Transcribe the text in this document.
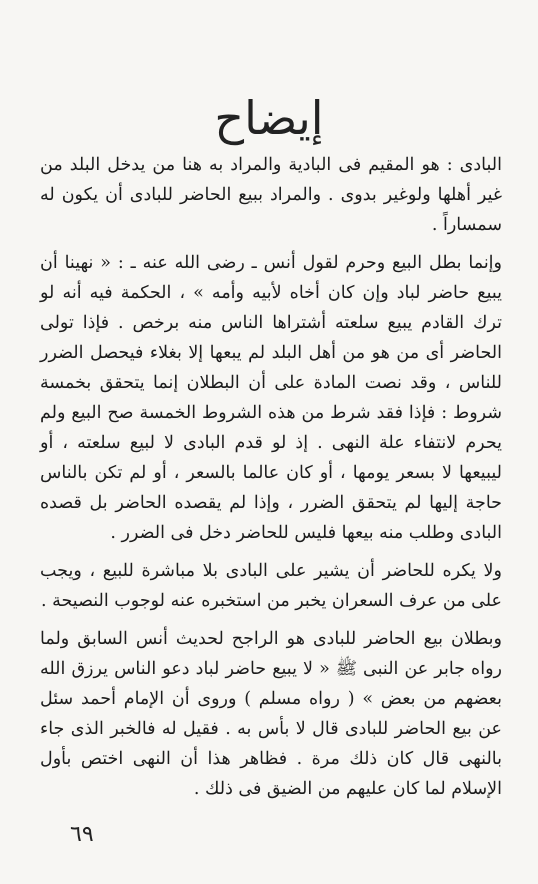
إيضاح

البادى : هو المقيم فى البادية والمراد به هنا من يدخل البلد من غير أهلها ولوغير بدوى . والمراد ببيع الحاضر للبادى أن يكون له سمساراً .

وإنما بطل البيع وحرم لقول أنس ـ رضى الله عنه ـ : « نهينا أن يبيع حاضر لباد وإن كان أخاه لأبيه وأمه » ، الحكمة فيه أنه لو ترك القادم يبيع سلعته أشتراها الناس منه برخص . فإذا تولى الحاضر أى من هو من أهل البلد لم يبعها إلا بغلاء فيحصل الضرر للناس ، وقد نصت المادة على أن البطلان إنما يتحقق بخمسة شروط : فإذا فقد شرط من هذه الشروط الخمسة صح البيع ولم يحرم لانتفاء علة النهى . إذ لو قدم البادى لا لبيع سلعته ، أو ليبيعها لا بسعر يومها ، أو كان عالما بالسعر ، أو لم تكن بالناس حاجة إليها لم يتحقق الضرر ، وإذا لم يقصده الحاضر بل قصده البادى وطلب منه بيعها فليس للحاضر دخل فى الضرر .

ولا يكره للحاضر أن يشير على البادى بلا مباشرة للبيع ، ويجب على من عرف السعران يخبر من استخبره عنه لوجوب النصيحة .

وبطلان بيع الحاضر للبادى هو الراجح لحديث أنس السابق ولما رواه جابر عن النبى ﷺ « لا يبيع حاضر لباد دعو الناس يرزق الله بعضهم من بعض » ( رواه مسلم ) وروى أن الإمام أحمد سئل عن بيع الحاضر للبادى قال لا بأس به . فقيل له فالخبر الذى جاء بالنهى قال كان ذلك مرة . فظاهر هذا أن النهى اختص بأول الإسلام لما كان عليهم من الضيق فى ذلك .

٦٩
